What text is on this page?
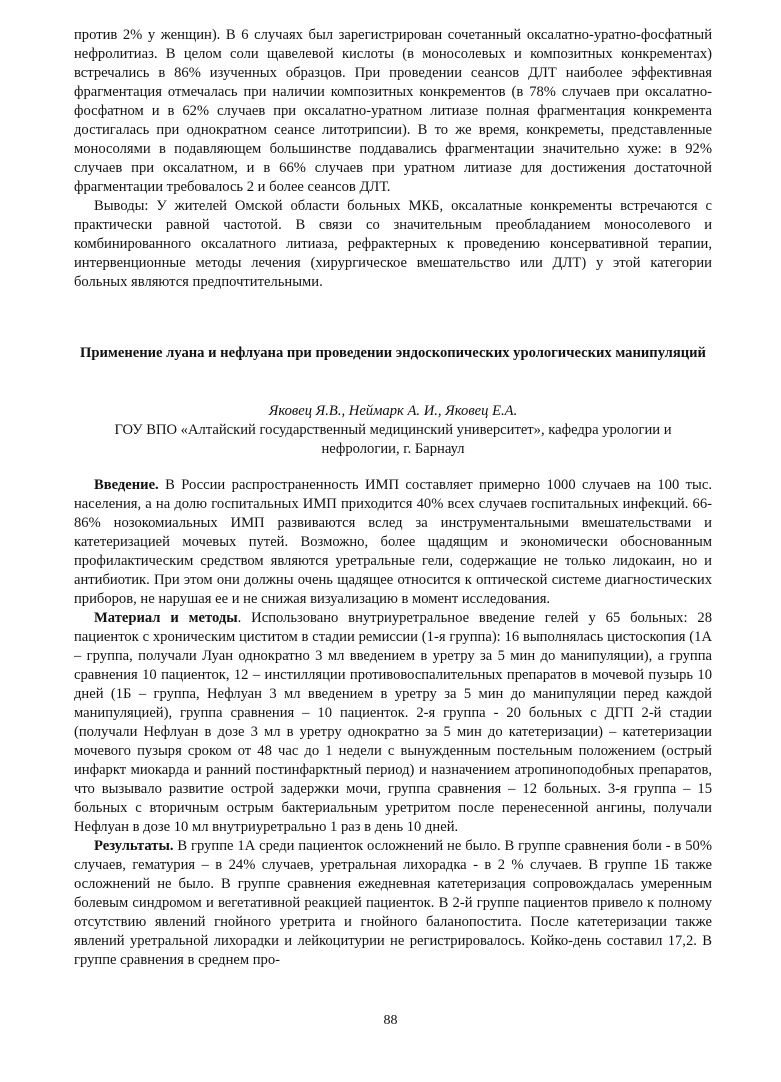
против 2% у женщин). В 6 случаях был зарегистрирован сочетанный оксалатно-уратно-фосфатный нефролитиаз. В целом соли щавелевой кислоты (в моносолевых и композитных конкрементах) встречались в 86% изученных образцов. При проведении сеансов ДЛТ наиболее эффективная фрагментация отмечалась при наличии композитных конкрементов (в 78% случаев при оксалатно-фосфатном и в 62% случаев при оксалатно-уратном литиазе полная фрагментация конкремента достигалась при однократном сеансе литотрипсии). В то же время, конкреметы, представленные моносолями в подавляющем большинстве поддавались фрагментации значительно хуже: в 92% случаев при оксалатном, и в 66% случаев при уратном литиазе для достижения достаточной фрагментации требовалось 2 и более сеансов ДЛТ.

Выводы: У жителей Омской области больных МКБ, оксалатные конкременты встречаются с практически равной частотой. В связи со значительным преобладанием моносолевого и комбинированного оксалатного литиаза, рефрактерных к проведению консервативной терапии, интервенционные методы лечения (хирургическое вмешательство или ДЛТ) у этой категории больных являются предпочтительными.

Применение луана и нефлуана при проведении эндоскопических урологических манипуляций

Яковец Я.В., Неймарк А. И., Яковец Е.А.

ГОУ ВПО «Алтайский государственный медицинский университет», кафедра урологии и нефрологии, г. Барнаул

Введение. В России распространенность ИМП составляет примерно 1000 случаев на 100 тыс. населения, а на долю госпитальных ИМП приходится 40% всех случаев госпитальных инфекций. 66-86% нозокомиальных ИМП развиваются вслед за инструментальными вмешательствами и катетеризацией мочевых путей. Возможно, более щадящим и экономически обоснованным профилактическим средством являются уретральные гели, содержащие не только лидокаин, но и антибиотик. При этом они должны очень щадящее относится к оптической системе диагностических приборов, не нарушая ее и не снижая визуализацию в момент исследования.

Материал и методы. Использовано внутриуретральное введение гелей у 65 больных: 28 пациенток с хроническим циститом в стадии ремиссии (1-я группа): 16 выполнялась цистоскопия (1А – группа, получали Луан однократно 3 мл введением в уретру за 5 мин до манипуляции), а группа сравнения 10 пациенток, 12 – инстилляции противовоспалительных препаратов в мочевой пузырь 10 дней (1Б – группа, Нефлуан 3 мл введением в уретру за 5 мин до манипуляции перед каждой манипуляцией), группа сравнения – 10 пациенток. 2-я группа - 20 больных с ДГП 2-й стадии (получали Нефлуан в дозе 3 мл в уретру однократно за 5 мин до катетеризации) – катетеризации мочевого пузыря сроком от 48 час до 1 недели с вынужденным постельным положением (острый инфаркт миокарда и ранний постинфарктный период) и назначением атропиноподобных препаратов, что вызывало развитие острой задержки мочи, группа сравнения – 12 больных. 3-я группа – 15 больных с вторичным острым бактериальным уретритом после перенесенной ангины, получали Нефлуан в дозе 10 мл внутриуретрально 1 раз в день 10 дней.

Результаты. В группе 1А среди пациенток осложнений не было. В группе сравнения боли - в 50% случаев, гематурия – в 24% случаев, уретральная лихорадка - в 2 % случаев. В группе 1Б также осложнений не было. В группе сравнения ежедневная катетеризация сопровождалась умеренным болевым синдромом и вегетативной реакцией пациенток. В 2-й группе пациентов привело к полному отсутствию явлений гнойного уретрита и гнойного баланопостита. После катетеризации также явлений уретральной лихорадки и лейкоцитурии не регистрировалось. Койко-день составил 17,2. В группе сравнения в среднем про-

88
